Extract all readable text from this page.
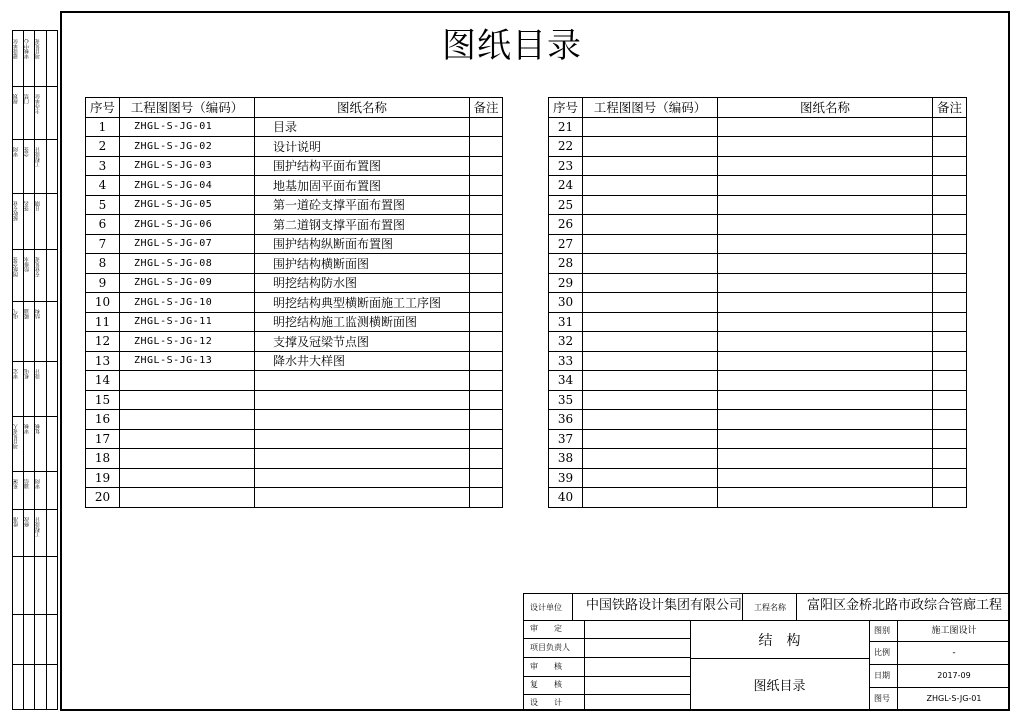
建设单位 审核中心 项目负责
规划 门禁 主办单位
审阅 会签 工程设计
接收专业 签名 日期
图纸会签 给排水 专业负责
电气 暖通 结构
审定 机电 设计
项目负责人 审核 复核
系统 通信 审阅
批准 修改 工程设计
图纸目录
序号	工程图图号（编码）	图纸名称	备注
1	ZHGL-S-JG-01	目录	
2	ZHGL-S-JG-02	设计说明	
3	ZHGL-S-JG-03	围护结构平面布置图	
4	ZHGL-S-JG-04	地基加固平面布置图	
5	ZHGL-S-JG-05	第一道砼支撑平面布置图	
6	ZHGL-S-JG-06	第二道钢支撑平面布置图	
7	ZHGL-S-JG-07	围护结构纵断面布置图	
8	ZHGL-S-JG-08	围护结构横断面图	
9	ZHGL-S-JG-09	明挖结构防水图	
10	ZHGL-S-JG-10	明挖结构典型横断面施工工序图	
11	ZHGL-S-JG-11	明挖结构施工监测横断面图	
12	ZHGL-S-JG-12	支撑及冠梁节点图	
13	ZHGL-S-JG-13	降水井大样图	
14			
15			
16			
17			
18			
19			
20			
序号	工程图图号（编码）	图纸名称	备注
21			
22			
23			
24			
25			
26			
27			
28			
29			
30			
31			
32			
33			
34			
35			
36			
37			
38			
39			
40			
设计单位 中国铁路设计集团有限公司 工程名称 富阳区金桥北路市政综合管廊工程
审　　定
项目负责人
审　　核
复　　核
设　　计
结　构
图纸目录
图别	施工图设计
比例	-
日期	2017-09
图号	ZHGL-S-JG-01
